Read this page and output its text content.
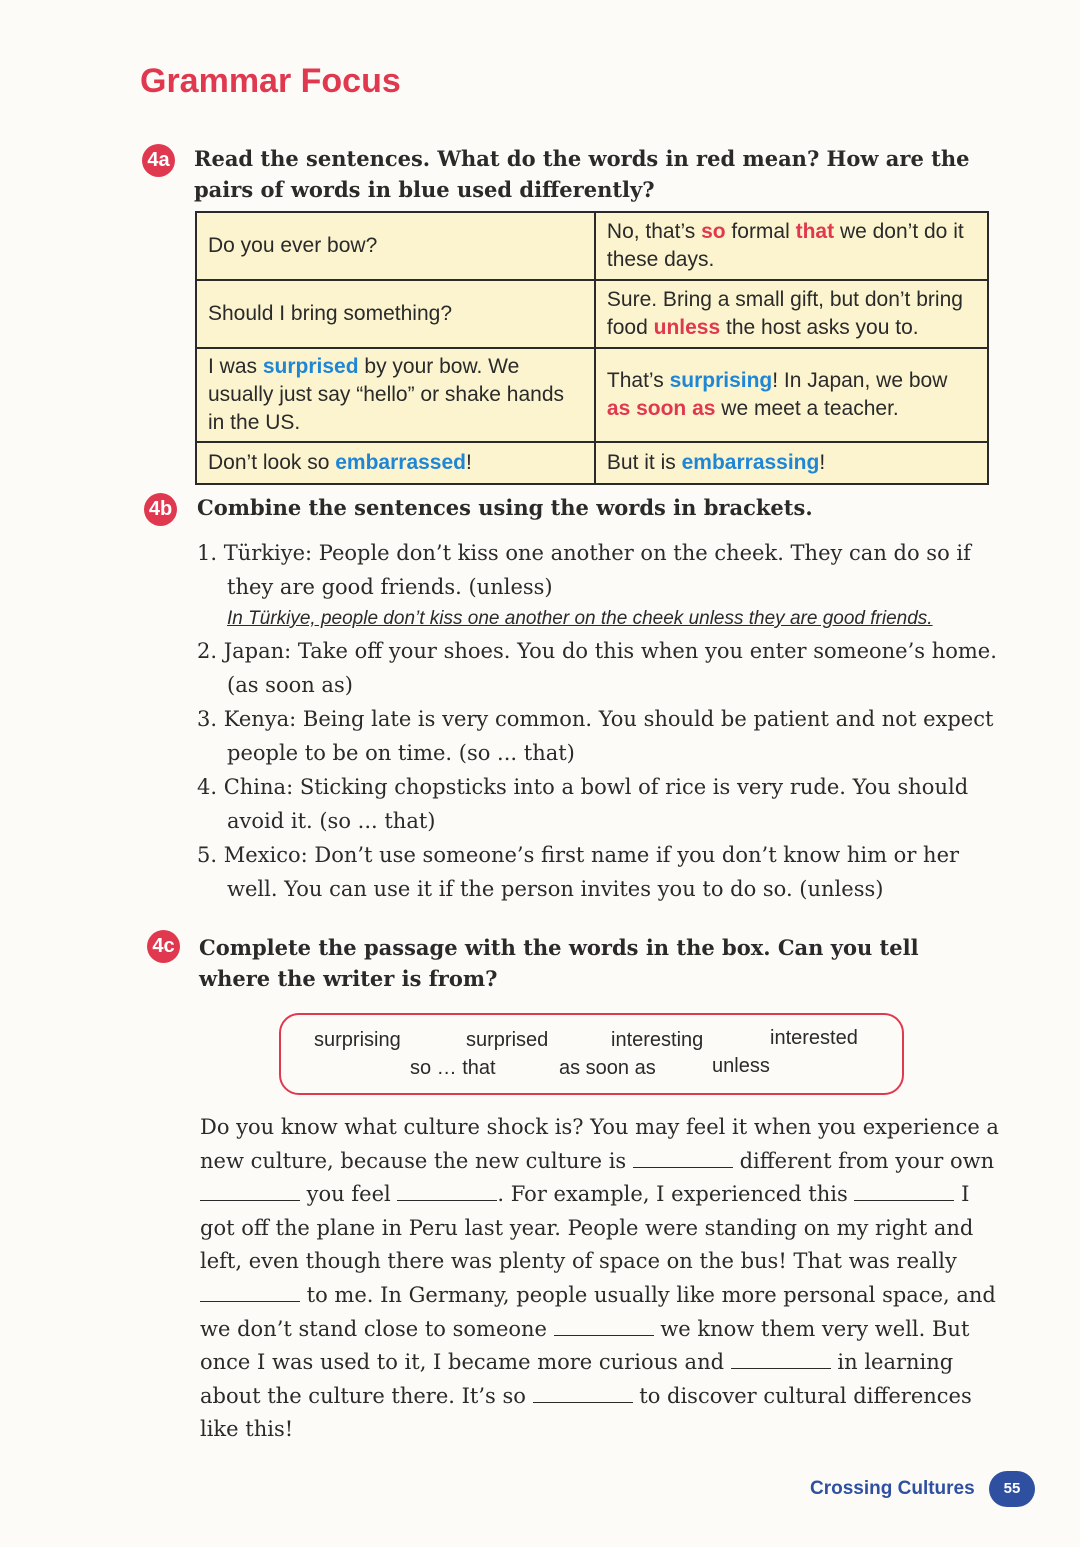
Grammar Focus
4a Read the sentences. What do the words in red mean? How are the pairs of words in blue used differently?
Do you ever bow?	No, that’s so formal that we don’t do it these days.
Should I bring something?	Sure. Bring a small gift, but don’t bring food unless the host asks you to.
I was surprised by your bow. We usually just say “hello” or shake hands in the US.	That’s surprising! In Japan, we bow as soon as we meet a teacher.
Don’t look so embarrassed!	But it is embarrassing!
4b Combine the sentences using the words in brackets.
1. Türkiye: People don’t kiss one another on the cheek. They can do so if they are good friends. (unless)
In Türkiye, people don’t kiss one another on the cheek unless they are good friends.
2. Japan: Take off your shoes. You do this when you enter someone’s home. (as soon as)
3. Kenya: Being late is very common. You should be patient and not expect people to be on time. (so ... that)
4. China: Sticking chopsticks into a bowl of rice is very rude. You should avoid it. (so ... that)
5. Mexico: Don’t use someone’s first name if you don’t know him or her well. You can use it if the person invites you to do so. (unless)
4c Complete the passage with the words in the box. Can you tell where the writer is from?
surprising	surprised	interesting	interested
so … that	as soon as	unless
Do you know what culture shock is? You may feel it when you experience a new culture, because the new culture is	different from your own  you feel	. For example, I experienced this	I got off the plane in Peru last year. People were standing on my right and left, even though there was plenty of space on the bus! That was really  to me. In Germany, people usually like more personal space, and we don’t stand close to someone	we know them very well. But once I was used to it, I became more curious and	in learning about the culture there. It’s so	to discover cultural differences like this!
Crossing Cultures	55
